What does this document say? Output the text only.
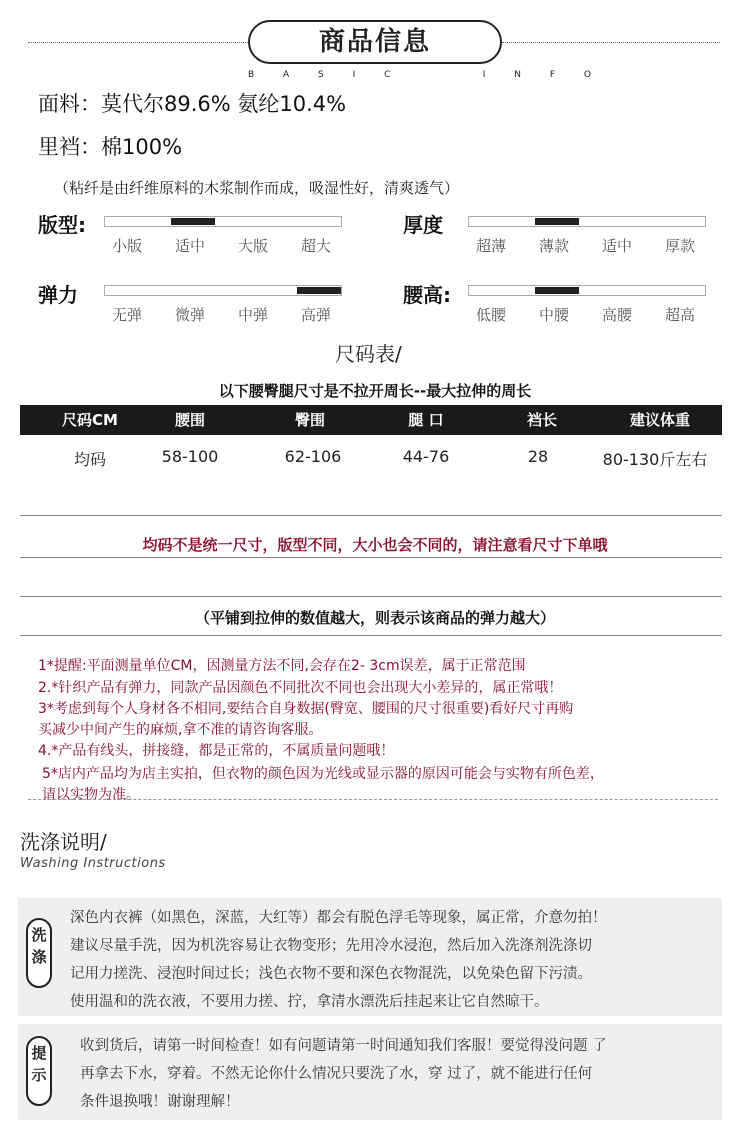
商品信息
B A S I C     I N F O
面料：莫代尔89.6% 氨纶10.4%
里裆：棉100%
（粘纤是由纤维原料的木浆制作而成，吸湿性好，清爽透气）
版型:
小版 适中 大版 超大
厚度
超薄 薄款 适中 厚款
弹力
无弹 微弹 中弹 高弹
腰高:
低腰 中腰 高腰 超高
尺码表/
以下腰臀腿尺寸是不拉开周长--最大拉伸的周长
尺码CM	腰围	臀围	腿 口	裆长	建议体重
均码	58-100	62-106	44-76	28	80-130斤左右
均码不是统一尺寸，版型不同，大小也会不同的，请注意看尺寸下单哦
（平铺到拉伸的数值越大，则表示该商品的弹力越大）
1*提醒:平面测量单位CM，因测量方法不同,会存在2- 3cm误差，属于正常范围
2.*针织产品有弹力，同款产品因颜色不同批次不同也会出现大小差异的，属正常哦！
3*考虑到每个人身材各不相同,要结合自身数据(臀宽、腰围的尺寸很重要)看好尺寸再购
买减少中间产生的麻烦,拿不准的请咨询客服。
4.*产品有线头，拼接缝，都是正常的，不属质量问题哦！
5*店内产品均为店主实拍，但衣物的颜色因为光线或显示器的原因可能会与实物有所色差，
请以实物为准。
洗涤说明/
Washing Instructions
洗
涤
深色内衣裤（如黑色，深蓝，大红等）都会有脱色浮毛等现象，属正常，介意勿拍！
建议尽量手洗，因为机洗容易让衣物变形；先用冷水浸泡，然后加入洗涤剂洗涤切
记用力搓洗、浸泡时间过长；浅色衣物不要和深色衣物混洗，以免染色留下污渍。
使用温和的洗衣液，不要用力搓、拧，拿清水漂洗后挂起来让它自然晾干。
提
示
收到货后，请第一时间检查！如有问题请第一时间通知我们客服！要觉得没问题 了
再拿去下水，穿着。不然无论你什么情况只要洗了水，穿 过了，就不能进行任何
条件退换哦！谢谢理解！
